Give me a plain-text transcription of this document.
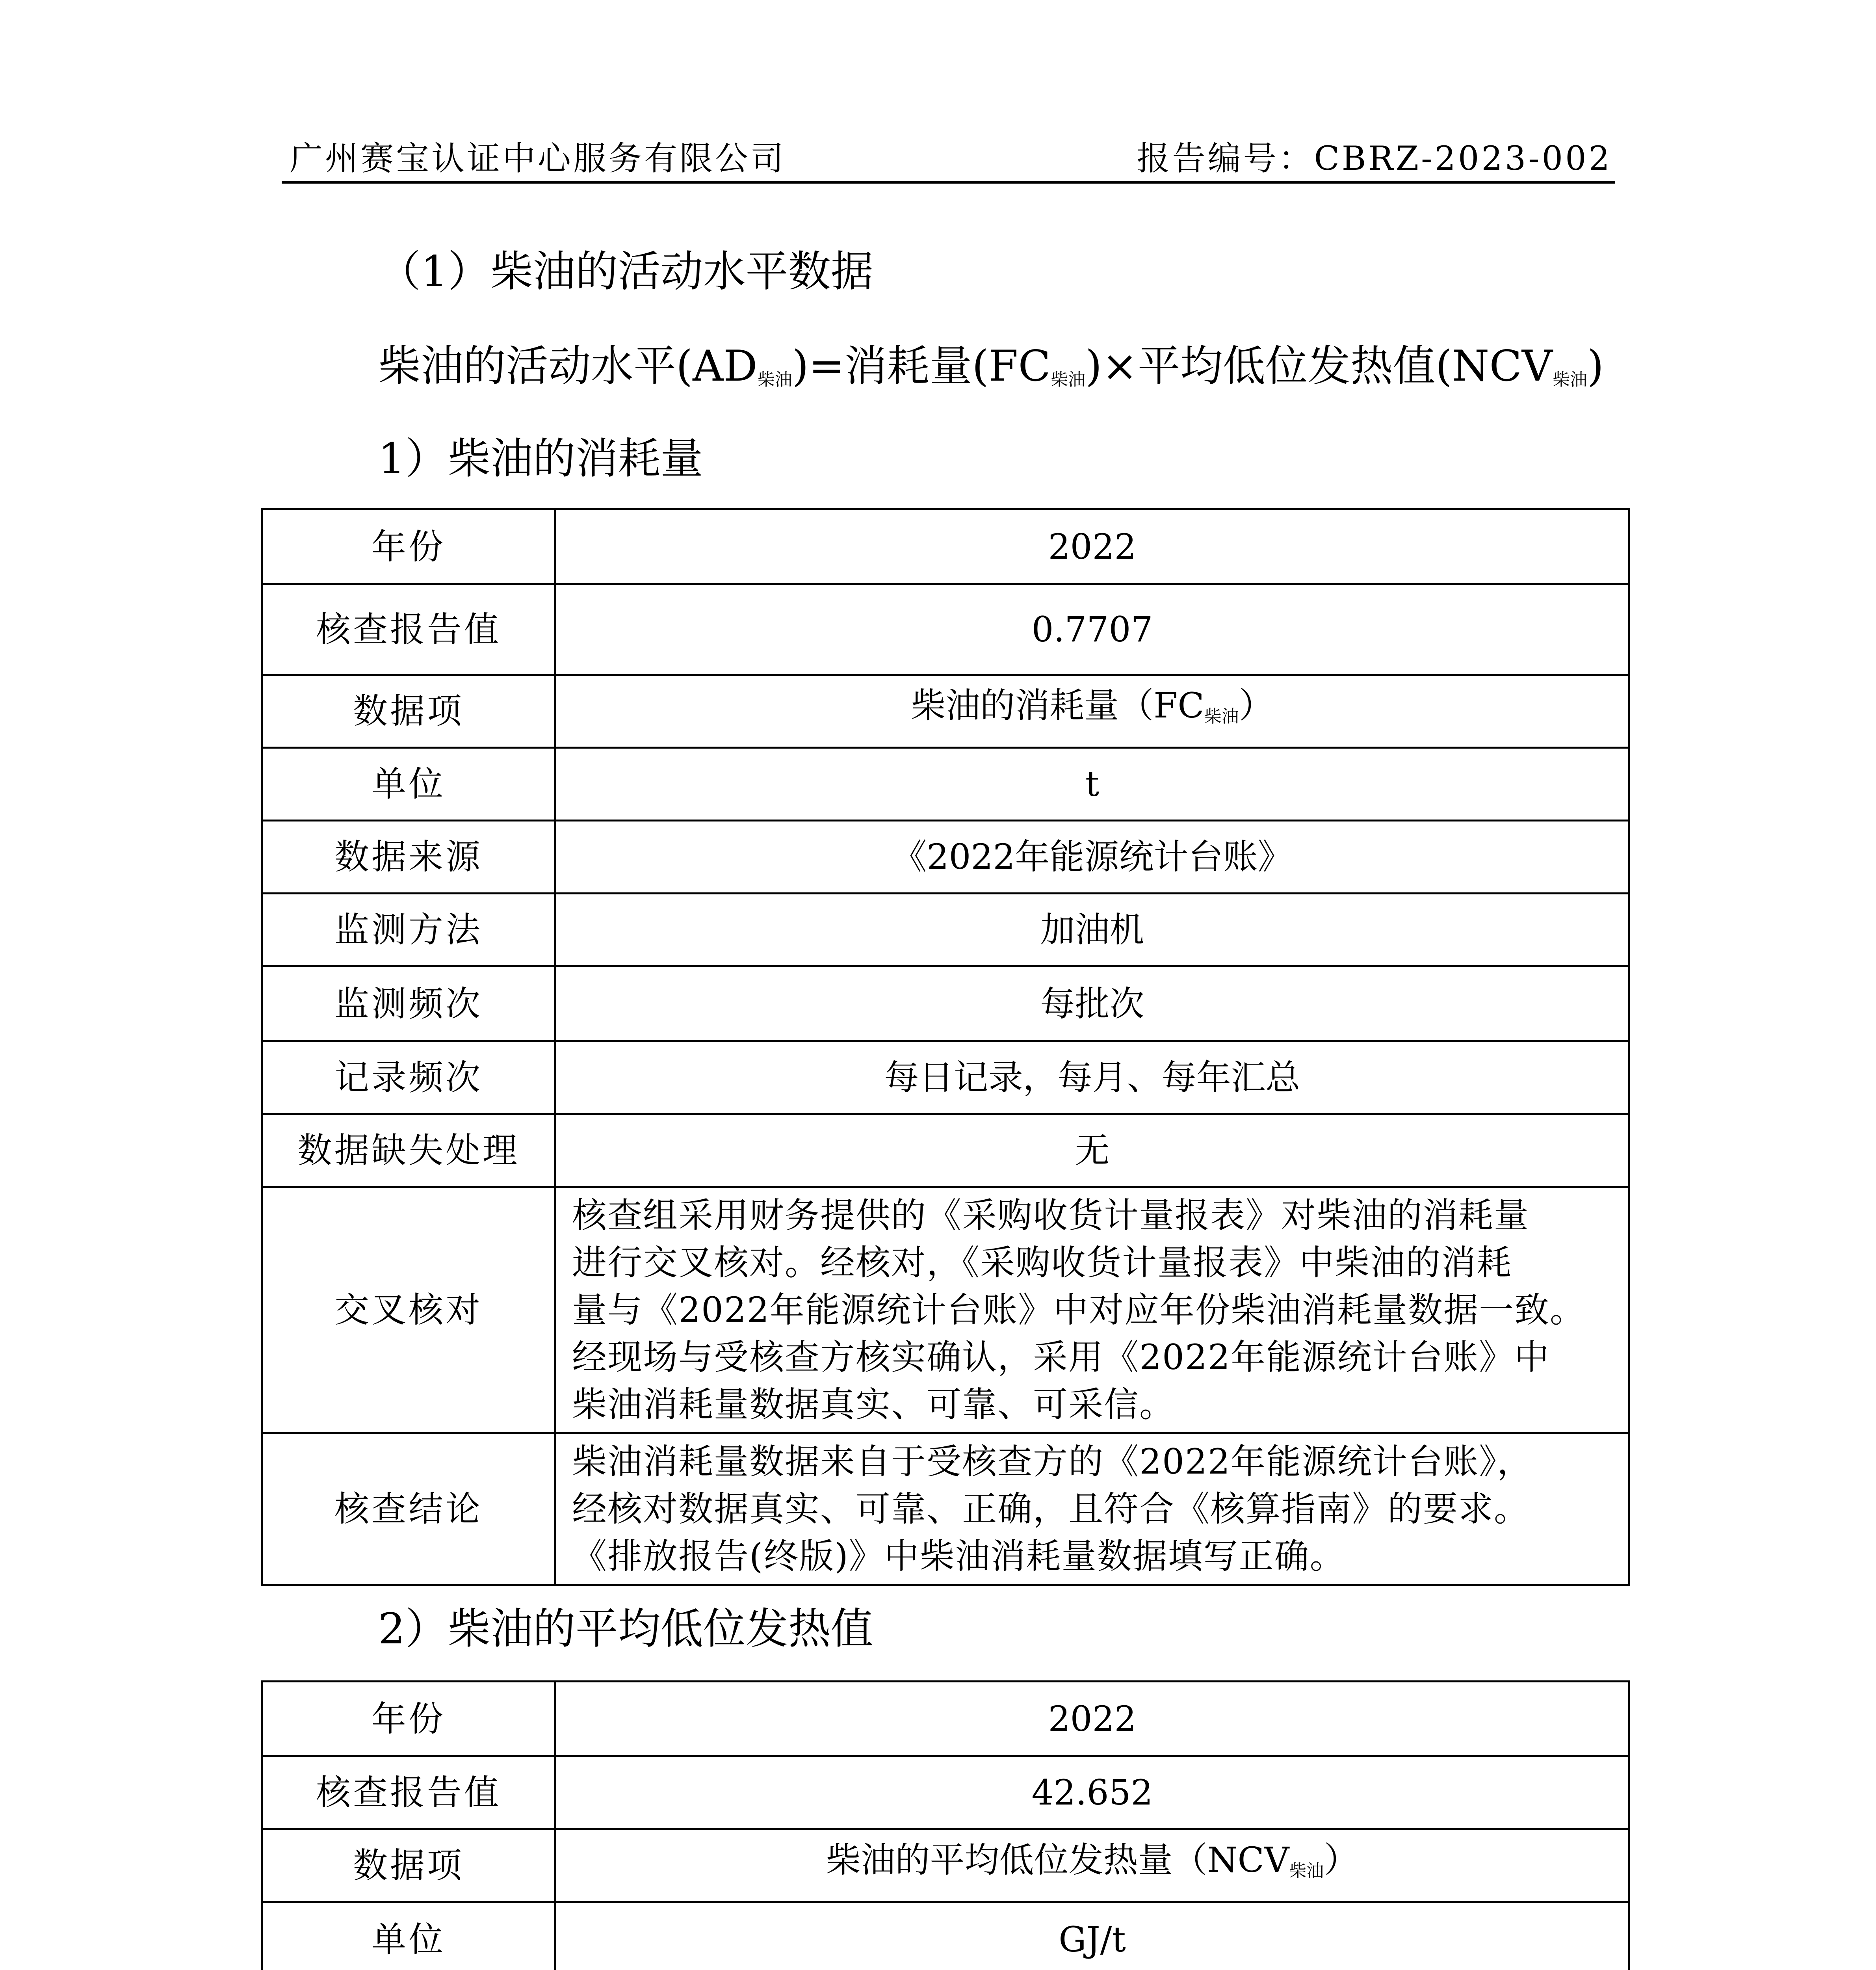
广州赛宝认证中心服务有限公司	报告编号：CBRZ-2023-002
（1）柴油的活动水平数据
柴油的活动水平$(AD_{柴油})=$消耗量$(FC_{柴油})\times$平均低位发热值$(NCV_{柴油})$
1）柴油的消耗量
年份	2022
核查报告值	0.7707
数据项	柴油的消耗量$(FC_{柴油})$
单位	t
数据来源	《2022年能源统计台账》
监测方法	加油机
监测频次	每批次
记录频次	每日记录，每月、每年汇总
数据缺失处理	无
交叉核对	核查组采用财务提供的《采购收货计量报表》对柴油的消耗量
进行交叉核对。经核对，《采购收货计量报表》中柴油的消耗
量与《2022年能源统计台账》中对应年份柴油消耗量数据一致。
经现场与受核查方核实确认，采用《2022年能源统计台账》中
柴油消耗量数据真实、可靠、可采信。

核查结论	柴油消耗量数据来自于受核查方的《2022年能源统计台账》，
经核对数据真实、可靠、正确，且符合《核算指南》的要求。
《排放报告(终版)》中柴油消耗量数据填写正确。
2）柴油的平均低位发热值
年份	2022
核查报告值	42.652
数据项	柴油的平均低位发热量$(NCV_{柴油})$
单位	GJ/t
